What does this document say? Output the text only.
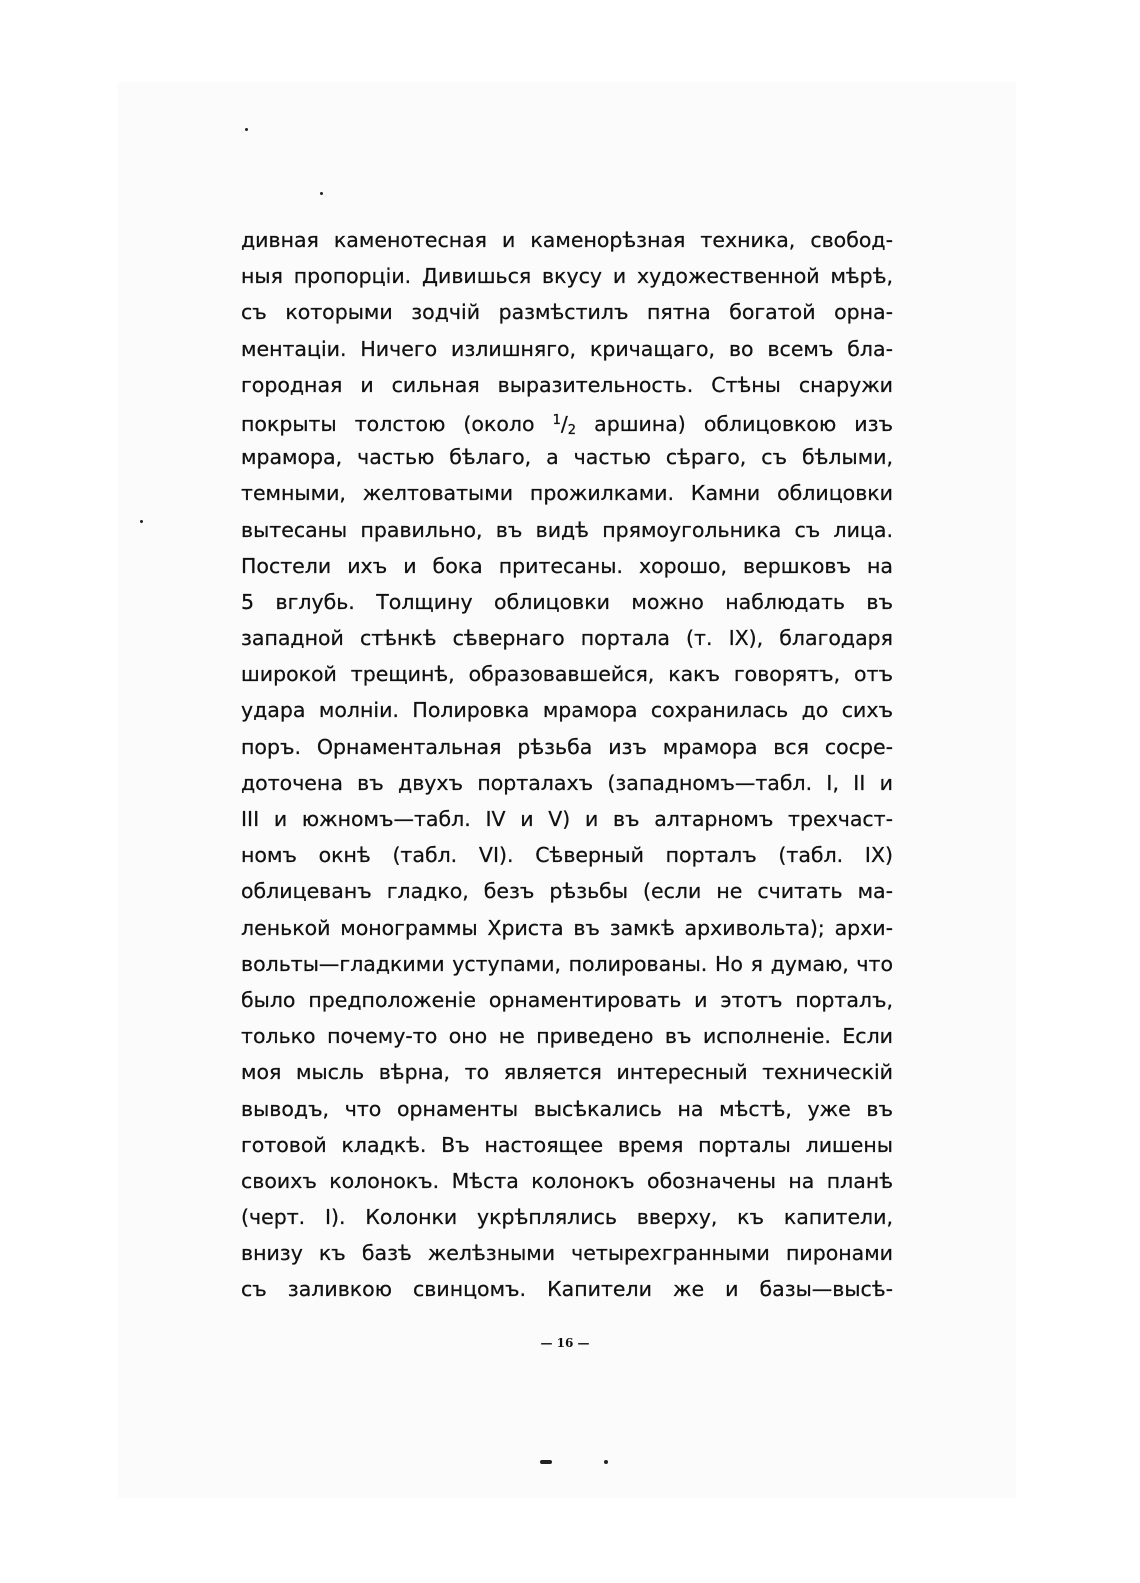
дивная каменотесная и каменорѣзная техника, свобод-
ныя пропорцiи. Дивишься вкусу и художественной мѣрѣ,
съ которыми зодчій размѣстилъ пятна богатой орна-
ментацiи. Ничего излишняго, кричащаго, во всемъ бла-
городная и сильная выразительность. Стѣны снаружи
покрыты толстою (около $^1$/2 аршина) облицовкою изъ
мрамора, частью бѣлаго, а частью сѣраго, съ бѣлыми,
темными, желтоватыми прожилками. Камни облицовки
вытесаны правильно, въ видѣ прямоугольника съ лица.
Постели ихъ и бока притесаны. хорошо, вершковъ на
5 вглубь. Толщину облицовки можно наблюдать въ
западной стѣнкѣ сѣвернаго портала (т. IX), благодаря
широкой трещинѣ, образовавшейся, какъ говорятъ, отъ
удара молнiи. Полировка мрамора сохранилась до сихъ
поръ. Орнаментальная рѣзьба изъ мрамора вся сосре-
доточена въ двухъ порталахъ (западномъ—табл. I, II и
III и южномъ—табл. IV и V) и въ алтарномъ трехчаст-
номъ окнѣ (табл. VI). Сѣверный порталъ (табл. IX)
облицеванъ гладко, безъ рѣзьбы (если не считать ма-
ленькой монограммы Христа въ замкѣ архивольта); архи-
вольты—гладкими уступами, полированы. Но я думаю, что
было предположенiе орнаментировать и этотъ порталъ,
только почему-то оно не приведено въ исполненiе. Если
моя мысль вѣрна, то является интересный техническій
выводъ, что орнаменты высѣкались на мѣстѣ, уже въ
готовой кладкѣ. Въ настоящее время порталы лишены
своихъ колонокъ. Мѣста колонокъ обозначены на планѣ
(черт. I). Колонки укрѣплялись вверху, къ капители,
внизу къ базѣ желѣзными четырехгранными пиронами
съ заливкою свинцомъ. Капители же и базы—высѣ-
— 16 —
